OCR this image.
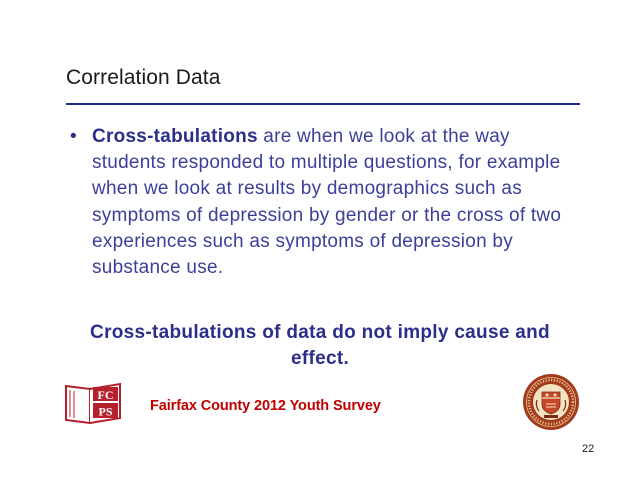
Correlation Data
• Cross-tabulations are when we look at the way students responded to multiple questions, for example when we look at results by demographics such as symptoms of depression by gender or the cross of two experiences such as symptoms of depression by substance use.
Cross-tabulations of data do not imply cause and effect.
FC
PS	Fairfax County 2012 Youth Survey
22
